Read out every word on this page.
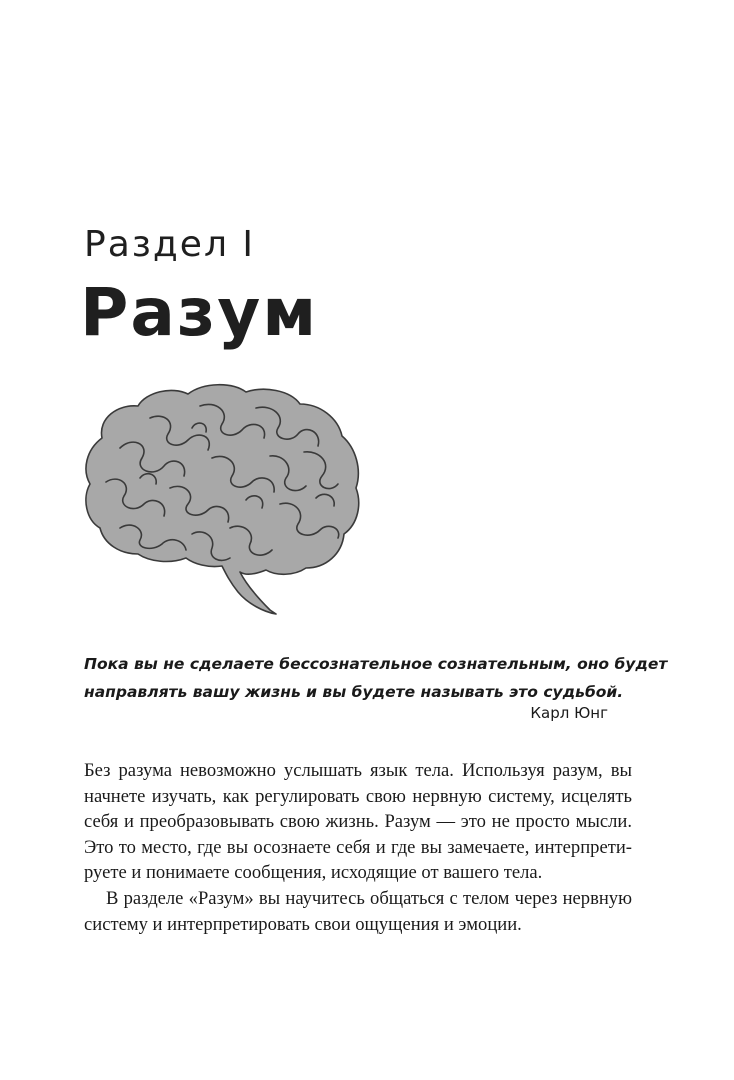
Раздел I
Разум
Пока вы не сделаете бессознательное сознательным, оно будет
направлять вашу жизнь и вы будете называть это судьбой.
Карл Юнг
Без разума невозможно услышать язык тела. Используя разум, вы
начнете изучать, как регулировать свою нервную систему, исцелять
себя и преобразовывать свою жизнь. Разум — это не просто мысли.
Это то место, где вы осознаете себя и где вы замечаете, интерпрети-
руете и понимаете сообщения, исходящие от вашего тела.
В разделе «Разум» вы научитесь общаться с телом через нервную
систему и интерпретировать свои ощущения и эмоции.
